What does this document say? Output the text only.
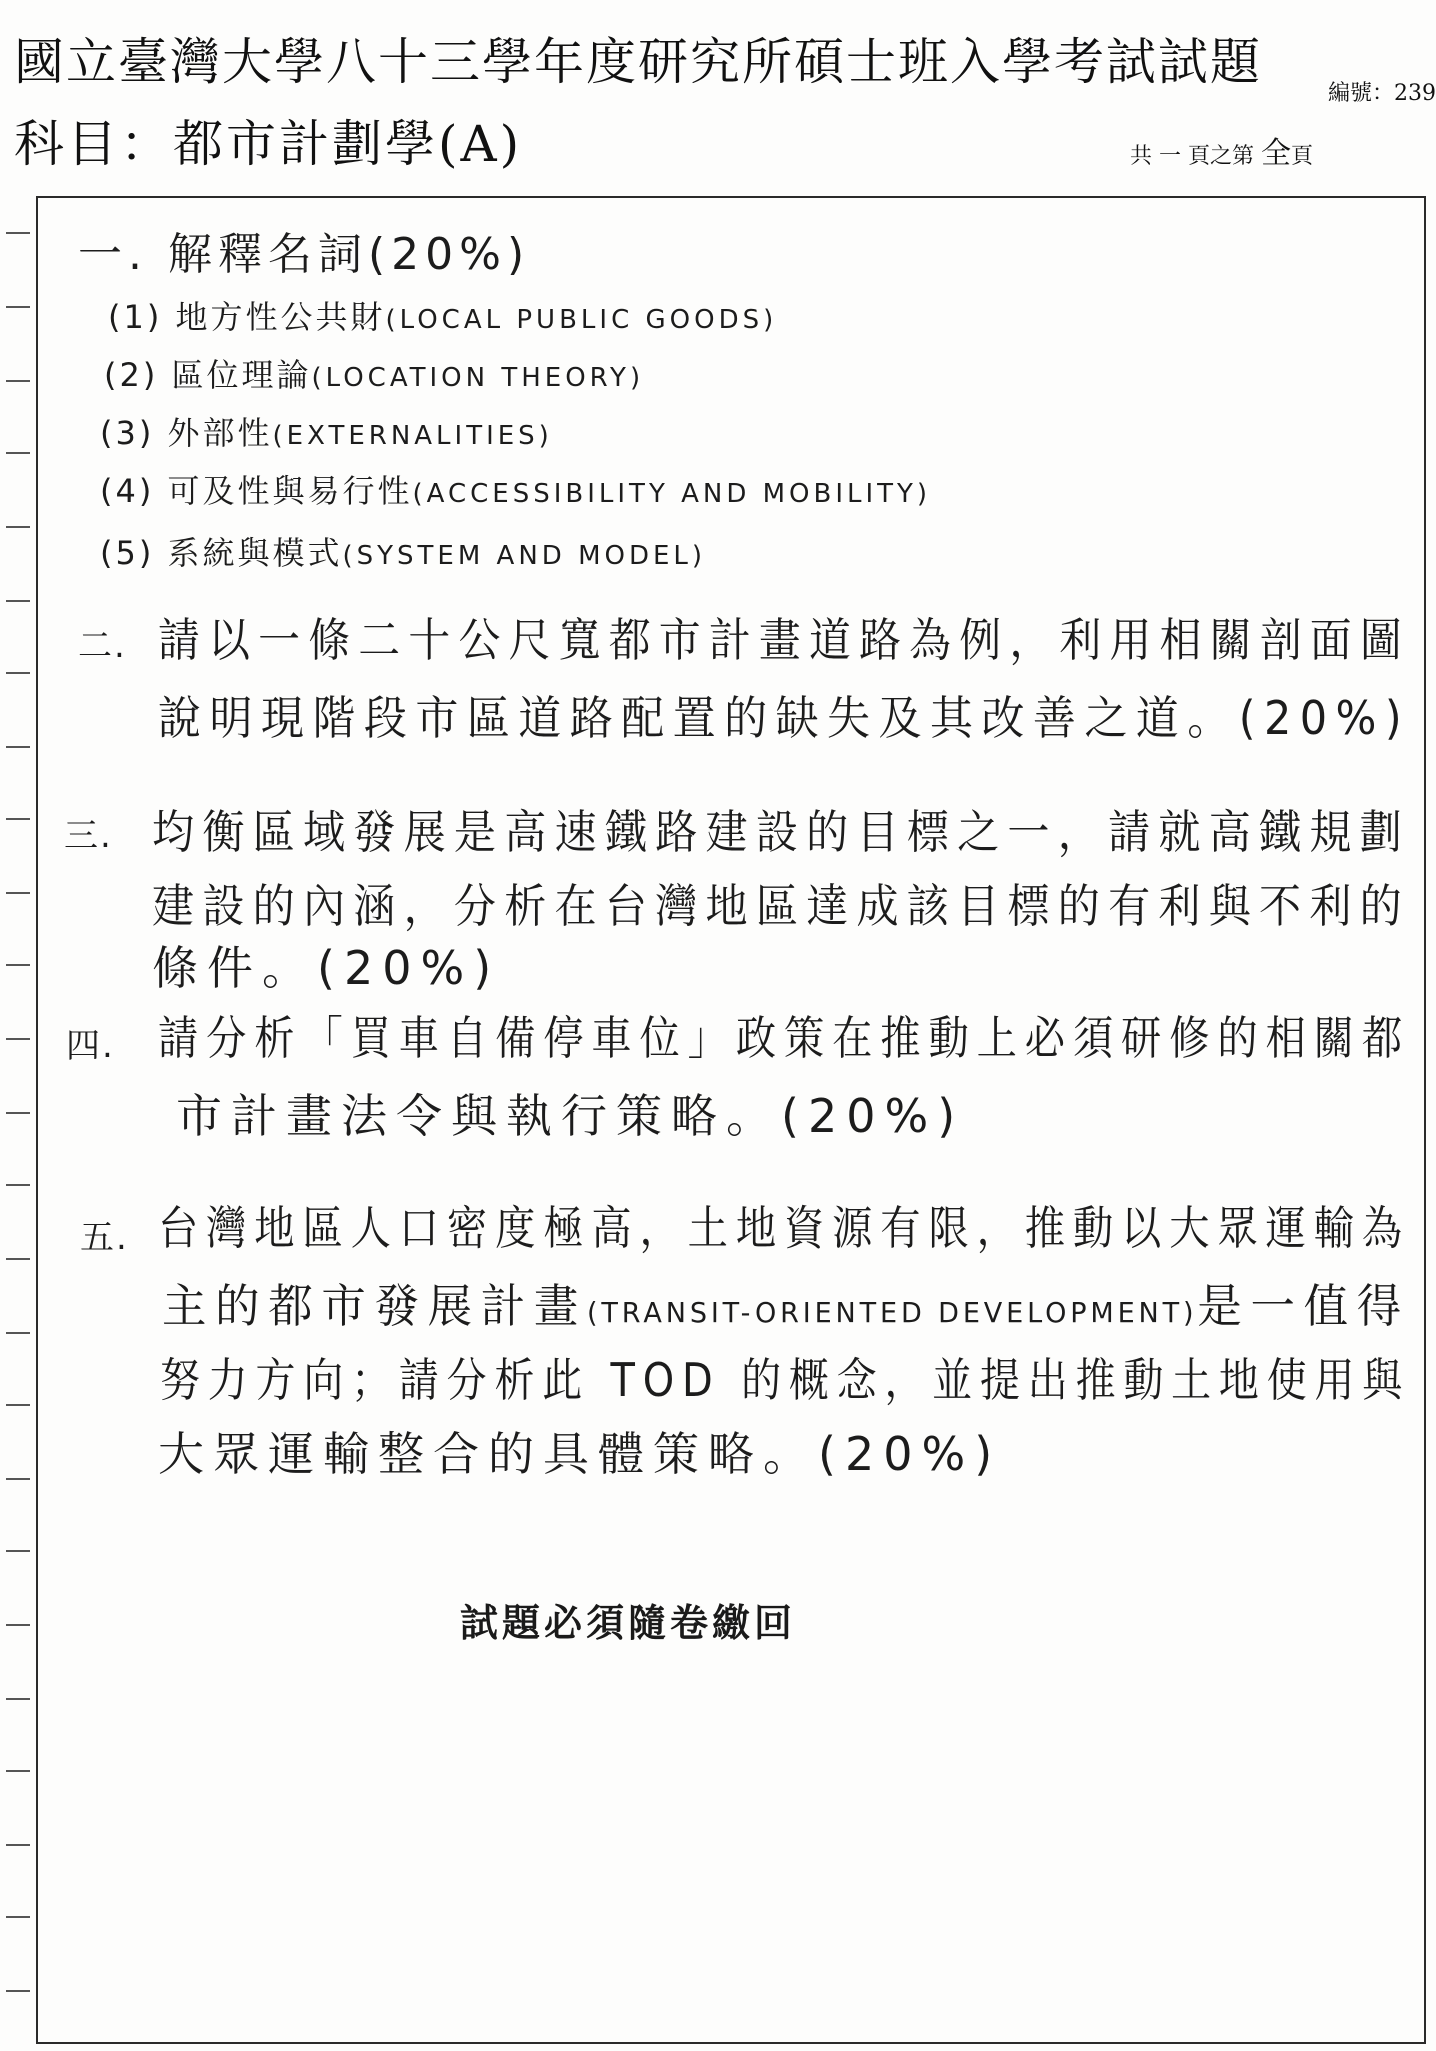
國立臺灣大學八十三學年度研究所碩士班入學考試試題
編號：239
科目：都市計劃學(A)	共 一 頁之第 全頁
一. 解釋名詞(20%)
(1) 地方性公共財(LOCAL PUBLIC GOODS)
(2) 區位理論(LOCATION THEORY)
(3) 外部性(EXTERNALITIES)
(4) 可及性與易行性(ACCESSIBILITY AND MOBILITY)
(5) 系統與模式(SYSTEM AND MODEL)
二. 請以一條二十公尺寬都市計畫道路為例，利用相關剖面圖
說明現階段市區道路配置的缺失及其改善之道。(20%)
三. 均衡區域發展是高速鐵路建設的目標之一，請就高鐵規劃
建設的內涵，分析在台灣地區達成該目標的有利與不利的
條件。(20%)
四. 請分析「買車自備停車位」政策在推動上必須研修的相關都
市計畫法令與執行策略。(20%)
五. 台灣地區人口密度極高，土地資源有限，推動以大眾運輸為
主的都市發展計畫(TRANSIT-ORIENTED DEVELOPMENT)是一值得
努力方向；請分析此 TOD 的概念，並提出推動土地使用與
大眾運輸整合的具體策略。(20%)
試題必須隨卷繳回
